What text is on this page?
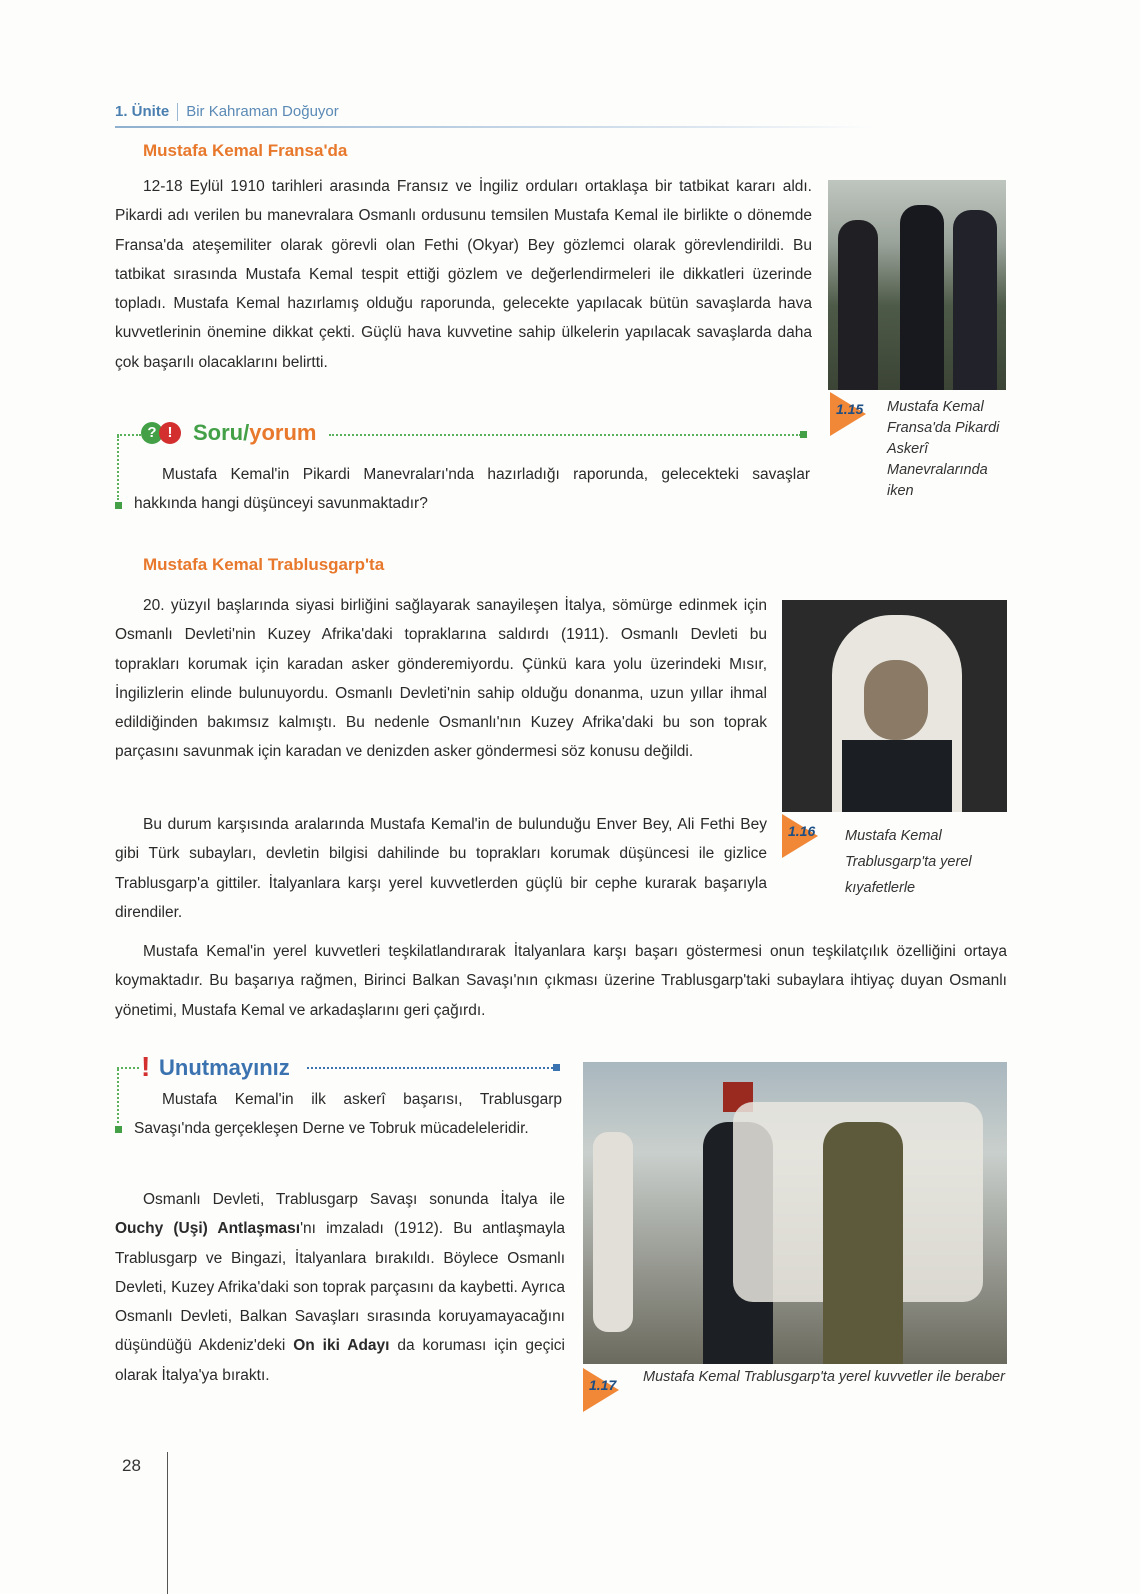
1. Ünite Bir Kahraman Doğuyor
Mustafa Kemal Fransa'da
12-18 Eylül 1910 tarihleri arasında Fransız ve İngiliz orduları ortaklaşa bir tatbikat kararı aldı. Pikardi adı verilen bu manevralara Osmanlı ordusunu temsilen Mustafa Kemal ile birlikte o dönemde Fransa'da ateşemiliter olarak görevli olan Fethi (Okyar) Bey gözlemci olarak görevlendirildi. Bu tatbikat sırasında Mustafa Kemal tespit ettiği gözlem ve değerlendirmeleri ile dikkatleri üzerinde topladı. Mustafa Kemal hazırlamış olduğu raporunda, gelecekte yapılacak bütün savaşlarda hava kuvvetlerinin önemine dikkat çekti. Güçlü hava kuvvetine sahip ülkelerin yapılacak savaşlarda daha çok başarılı olacaklarını belirtti.
1.15 Mustafa Kemal Fransa'da Pikardi Askerî Manevralarında iken
? ! Soru/yorum
Mustafa Kemal'in Pikardi Manevraları'nda hazırladığı raporunda, gelecekteki savaşlar hakkında hangi düşünceyi savunmaktadır?
Mustafa Kemal Trablusgarp'ta
20. yüzyıl başlarında siyasi birliğini sağlayarak sanayileşen İtalya, sömürge edinmek için Osmanlı Devleti'nin Kuzey Afrika'daki topraklarına saldırdı (1911). Osmanlı Devleti bu toprakları korumak için karadan asker gönderemiyordu. Çünkü kara yolu üzerindeki Mısır, İngilizlerin elinde bulunuyordu. Osmanlı Devleti'nin sahip olduğu donanma, uzun yıllar ihmal edildiğinden bakımsız kalmıştı. Bu nedenle Osmanlı'nın Kuzey Afrika'daki bu son toprak parçasını savunmak için karadan ve denizden asker göndermesi söz konusu değildi.
Bu durum karşısında aralarında Mustafa Kemal'in de bulunduğu Enver Bey, Ali Fethi Bey gibi Türk subayları, devletin bilgisi dahilinde bu toprakları korumak düşüncesi ile gizlice Trablusgarp'a gittiler. İtalyanlara karşı yerel kuvvetlerden güçlü bir cephe kurarak başarıyla direndiler.
Mustafa Kemal'in yerel kuvvetleri teşkilatlandırarak İtalyanlara karşı başarı göstermesi onun teşkilatçılık özelliğini ortaya koymaktadır. Bu başarıya rağmen, Birinci Balkan Savaşı'nın çıkması üzerine Trablusgarp'taki subaylara ihtiyaç duyan Osmanlı yönetimi, Mustafa Kemal ve arkadaşlarını geri çağırdı.
1.16 Mustafa Kemal Trablusgarp'ta yerel kıyafetlerle
! Unutmayınız
Mustafa Kemal'in ilk askerî başarısı, Trablusgarp Savaşı'nda gerçekleşen Derne ve Tobruk mücadeleleridir.
Osmanlı Devleti, Trablusgarp Savaşı sonunda İtalya ile Ouchy (Uşi) Antlaşması'nı imzaladı (1912). Bu antlaşmayla Trablusgarp ve Bingazi, İtalyanlara bırakıldı. Böylece Osmanlı Devleti, Kuzey Afrika'daki son toprak parçasını da kaybetti. Ayrıca Osmanlı Devleti, Balkan Savaşları sırasında koruyamayacağını düşündüğü Akdeniz'deki On iki Adayı da koruması için geçici olarak İtalya'ya bıraktı.
1.17 Mustafa Kemal Trablusgarp'ta yerel kuvvetler ile beraber
28
